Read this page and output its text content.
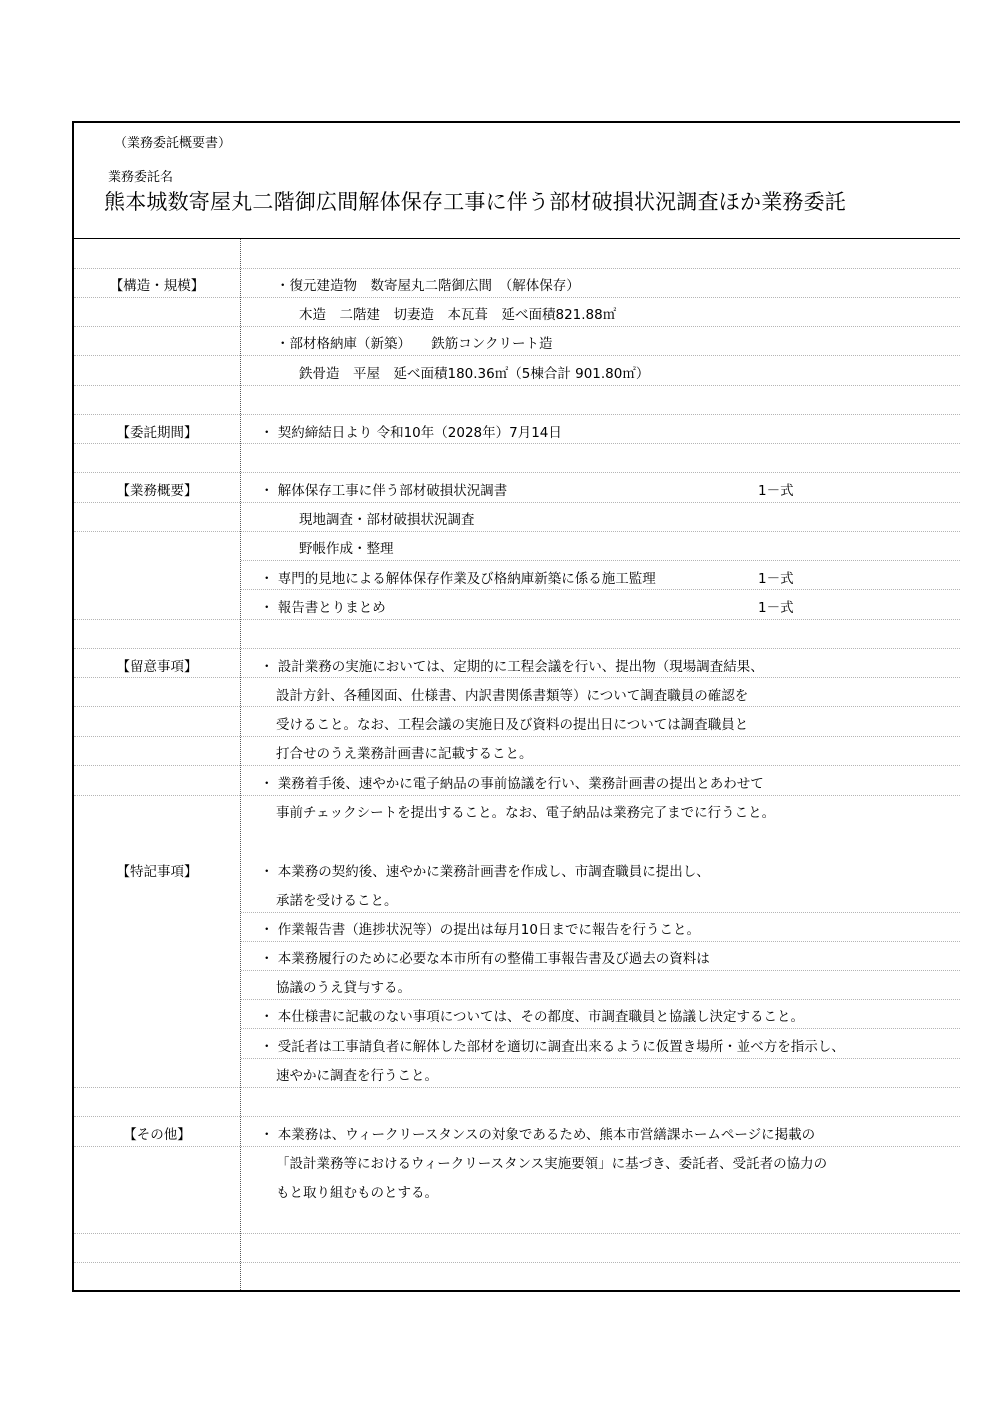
（業務委託概要書）
業務委託名
熊本城数寄屋丸二階御広間解体保存工事に伴う部材破損状況調査ほか業務委託
【構造・規模】	・復元建造物　数寄屋丸二階御広間　（解体保存）
木造　二階建　切妻造　本瓦葺　延べ面積821.88㎡
・部材格納庫（新築）　　鉄筋コンクリート造
鉄骨造　平屋　延べ面積180.36㎡（5棟合計 901.80㎡）
【委託期間】	・ 契約締結日より 令和10年（2028年）7月14日
【業務概要】	・ 解体保存工事に伴う部材破損状況調書	1－式
現地調査・部材破損状況調査
野帳作成・整理
・ 専門的見地による解体保存作業及び格納庫新築に係る施工監理	1－式
・ 報告書とりまとめ	1－式
【留意事項】	・ 設計業務の実施においては、定期的に工程会議を行い、提出物（現場調査結果、
設計方針、各種図面、仕様書、内訳書関係書類等）について調査職員の確認を
受けること。なお、工程会議の実施日及び資料の提出日については調査職員と
打合せのうえ業務計画書に記載すること。
・ 業務着手後、速やかに電子納品の事前協議を行い、業務計画書の提出とあわせて
事前チェックシートを提出すること。なお、電子納品は業務完了までに行うこと。
【特記事項】	・ 本業務の契約後、速やかに業務計画書を作成し、市調査職員に提出し、
承諾を受けること。
・ 作業報告書（進捗状況等）の提出は毎月10日までに報告を行うこと。
・ 本業務履行のために必要な本市所有の整備工事報告書及び過去の資料は
協議のうえ貸与する。
・ 本仕様書に記載のない事項については、その都度、市調査職員と協議し決定すること。
・ 受託者は工事請負者に解体した部材を適切に調査出来るように仮置き場所・並べ方を指示し、
速やかに調査を行うこと。
【その他】	・ 本業務は、ウィークリースタンスの対象であるため、熊本市営繕課ホームページに掲載の
「設計業務等におけるウィークリースタンス実施要領」に基づき、委託者、受託者の協力の
もと取り組むものとする。
